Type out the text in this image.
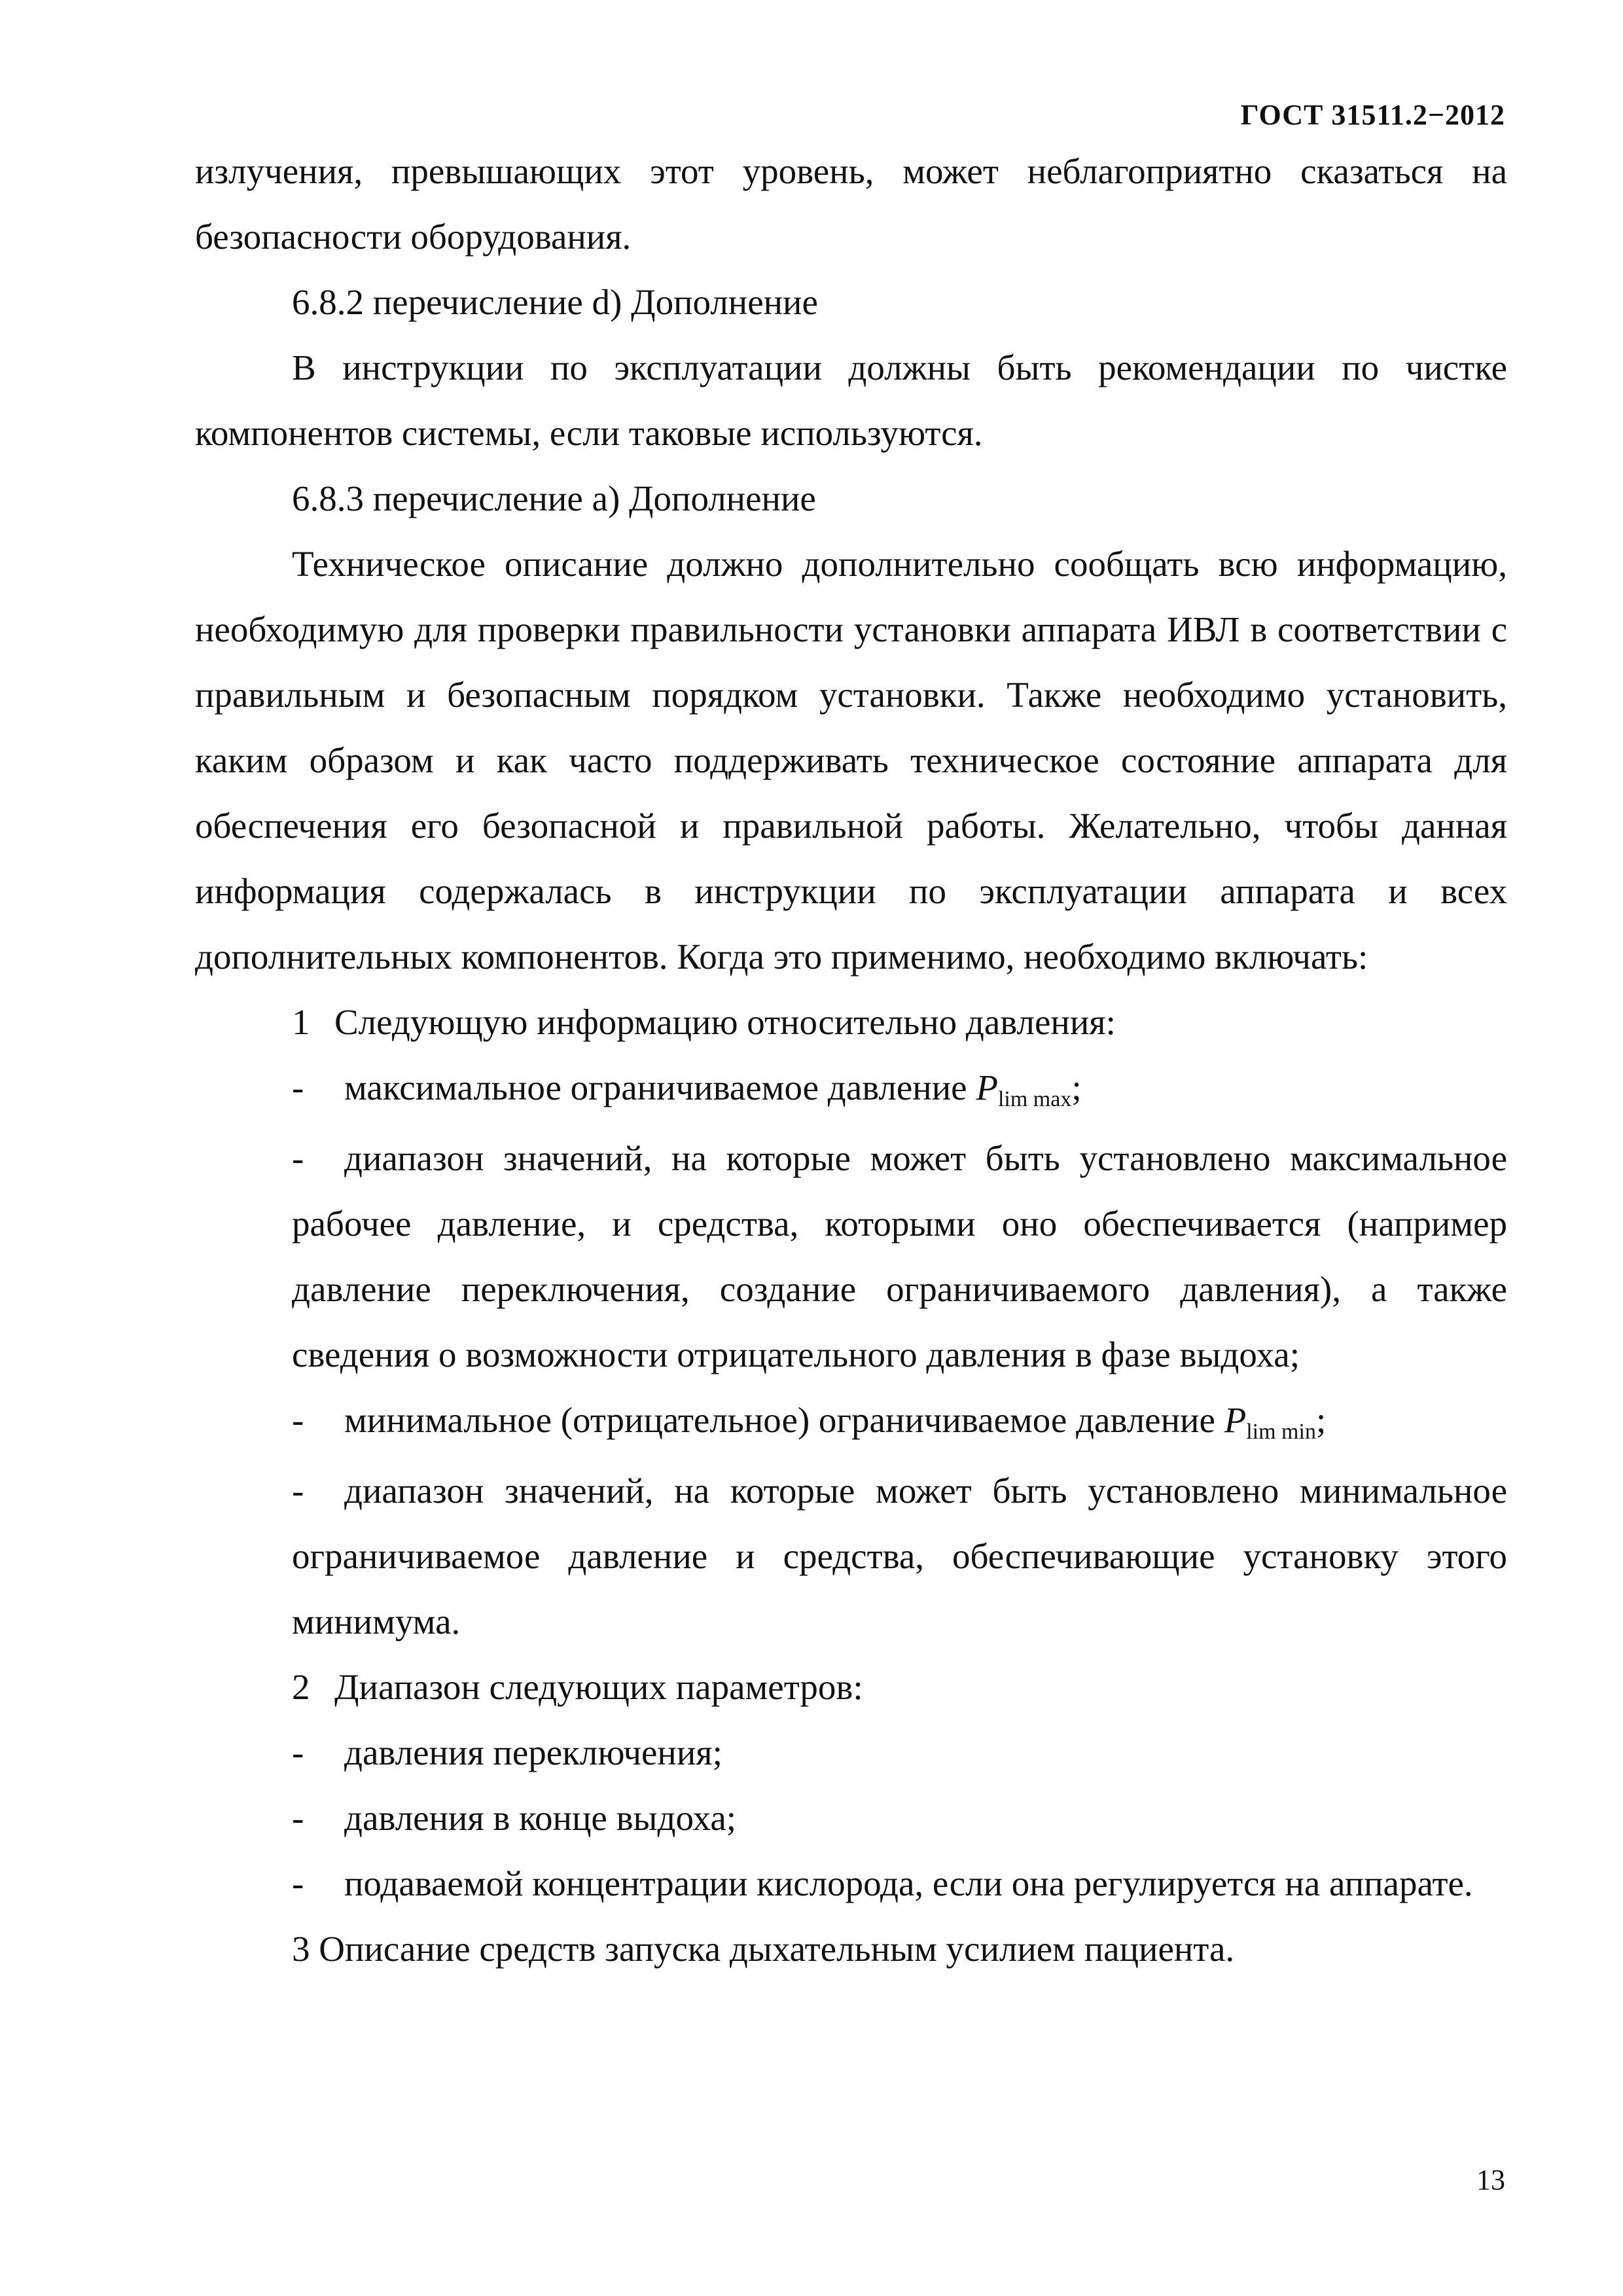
ГОСТ 31511.2−2012

излучения, превышающих этот уровень, может неблагоприятно сказаться на безопасности оборудования.

6.8.2 перечисление d) Дополнение

В инструкции по эксплуатации должны быть рекомендации по чистке компонентов системы, если таковые используются.

6.8.3 перечисление a) Дополнение

Техническое описание должно дополнительно сообщать всю информацию, необходимую для проверки правильности установки аппарата ИВЛ в соответствии с правильным и безопасным порядком установки. Также необходимо установить, каким образом и как часто поддерживать техническое состояние аппарата для обеспечения его безопасной и правильной работы. Желательно, чтобы данная информация содержалась в инструкции по эксплуатации аппарата и всех дополнительных компонентов. Когда это применимо, необходимо включать:

1 Следующую информацию относительно давления:

- максимальное ограничиваемое давление $P_{lim max}$;

- диапазон значений, на которые может быть установлено максимальное рабочее давление, и средства, которыми оно обеспечивается (например давление переключения, создание ограничиваемого давления), а также сведения о возможности отрицательного давления в фазе выдоха;

- минимальное (отрицательное) ограничиваемое давление $P_{lim min}$;

- диапазон значений, на которые может быть установлено минимальное ограничиваемое давление и средства, обеспечивающие установку этого минимума.

2 Диапазон следующих параметров:

- давления переключения;

- давления в конце выдоха;

- подаваемой концентрации кислорода, если она регулируется на аппарате.

3 Описание средств запуска дыхательным усилием пациента.

13
